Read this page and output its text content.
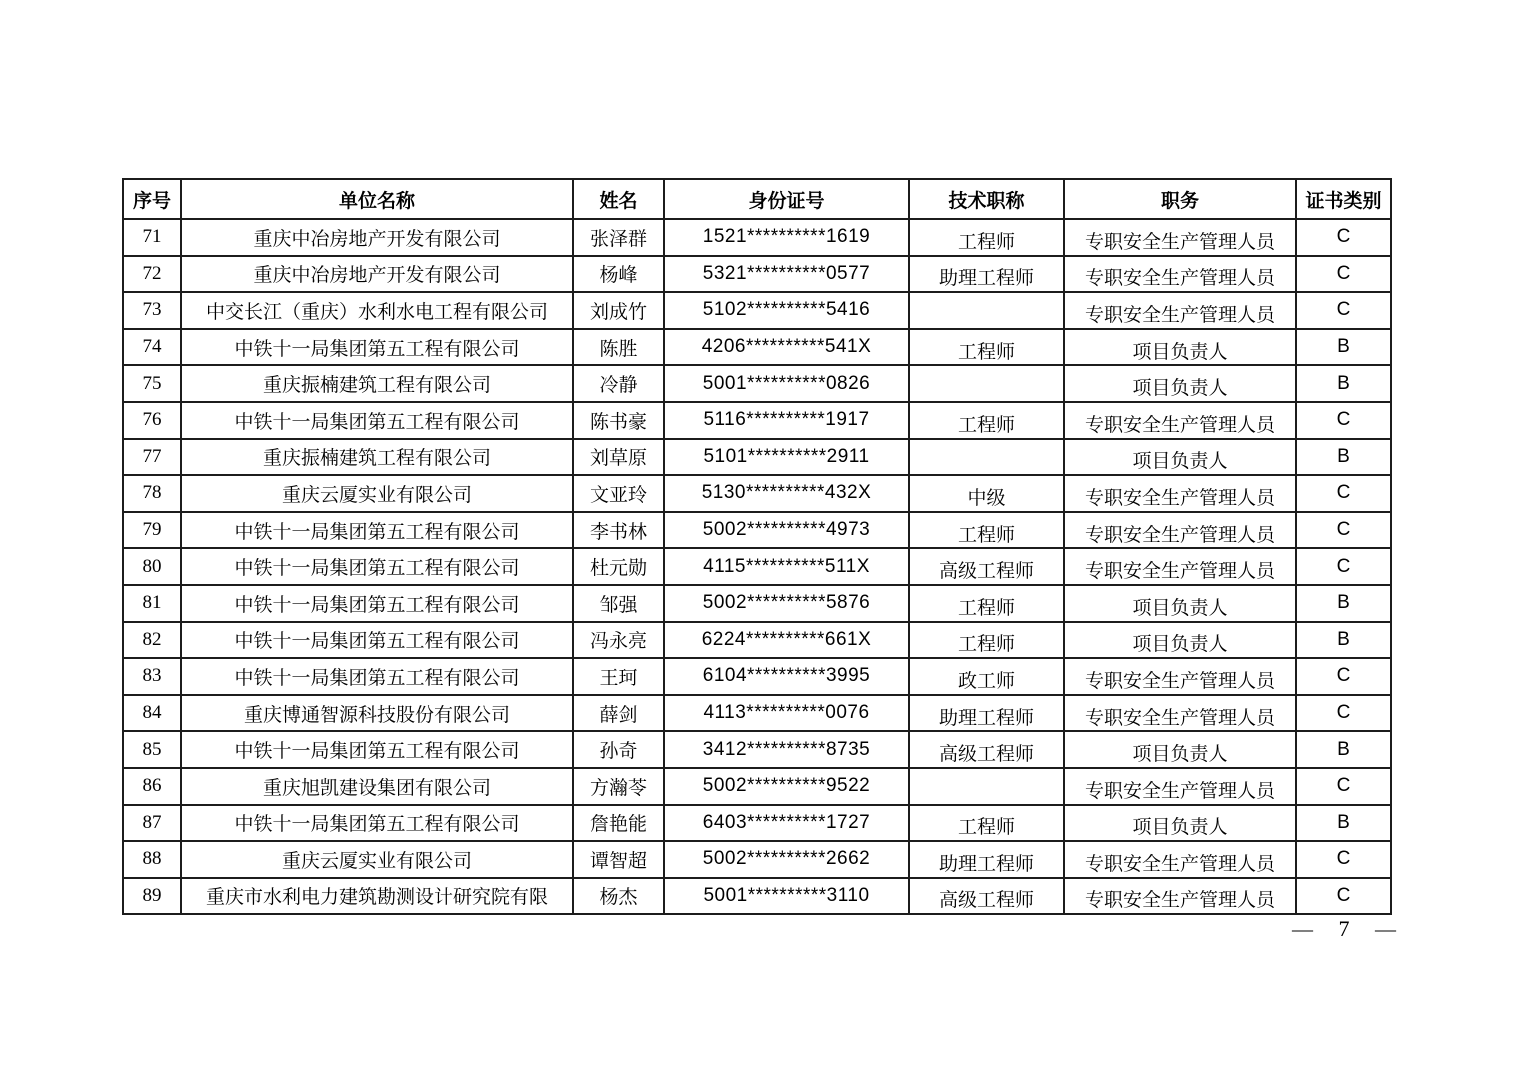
序号	单位名称	姓名	身份证号	技术职称	职务	证书类别
71	重庆中冶房地产开发有限公司	张泽群	1521**********1619	工程师	专职安全生产管理人员	C
72	重庆中冶房地产开发有限公司	杨峰	5321**********0577	助理工程师	专职安全生产管理人员	C
73	中交长江（重庆）水利水电工程有限公司	刘成竹	5102**********5416		专职安全生产管理人员	C
74	中铁十一局集团第五工程有限公司	陈胜	4206**********541X	工程师	项目负责人	B
75	重庆振楠建筑工程有限公司	冷静	5001**********0826		项目负责人	B
76	中铁十一局集团第五工程有限公司	陈书豪	5116**********1917	工程师	专职安全生产管理人员	C
77	重庆振楠建筑工程有限公司	刘草原	5101**********2911		项目负责人	B
78	重庆云厦实业有限公司	文亚玲	5130**********432X	中级	专职安全生产管理人员	C
79	中铁十一局集团第五工程有限公司	李书林	5002**********4973	工程师	专职安全生产管理人员	C
80	中铁十一局集团第五工程有限公司	杜元勋	4115**********511X	高级工程师	专职安全生产管理人员	C
81	中铁十一局集团第五工程有限公司	邹强	5002**********5876	工程师	项目负责人	B
82	中铁十一局集团第五工程有限公司	冯永亮	6224**********661X	工程师	项目负责人	B
83	中铁十一局集团第五工程有限公司	王珂	6104**********3995	政工师	专职安全生产管理人员	C
84	重庆博通智源科技股份有限公司	薛剑	4113**********0076	助理工程师	专职安全生产管理人员	C
85	中铁十一局集团第五工程有限公司	孙奇	3412**********8735	高级工程师	项目负责人	B
86	重庆旭凯建设集团有限公司	方瀚苓	5002**********9522		专职安全生产管理人员	C
87	中铁十一局集团第五工程有限公司	詹艳能	6403**********1727	工程师	项目负责人	B
88	重庆云厦实业有限公司	谭智超	5002**********2662	助理工程师	专职安全生产管理人员	C
89	重庆市水利电力建筑勘测设计研究院有限	杨杰	5001**********3110	高级工程师	专职安全生产管理人员	C
— 7 —
